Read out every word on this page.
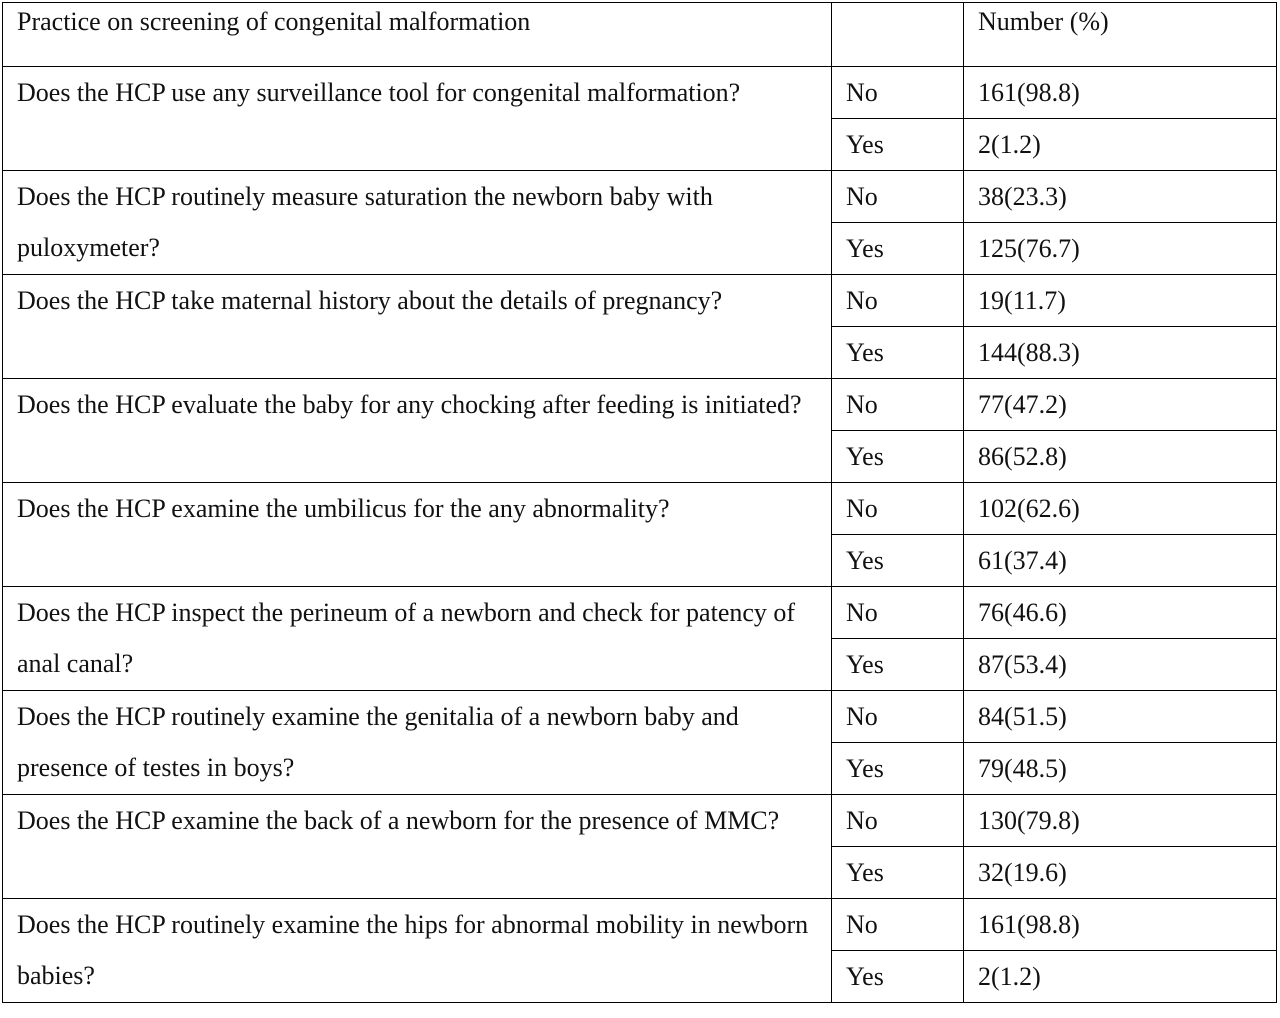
Practice on screening of congenital malformation		Number (%)
Does the HCP use any surveillance tool for congenital malformation?	No	161(98.8)
	Yes	2(1.2)
Does the HCP routinely measure saturation the newborn baby with puloxymeter?	No	38(23.3)
	Yes	125(76.7)
Does the HCP take maternal history about the details of pregnancy?	No	19(11.7)
	Yes	144(88.3)
Does the HCP evaluate the baby for any chocking after feeding is initiated?	No	77(47.2)
	Yes	86(52.8)
Does the HCP examine the umbilicus for the any abnormality?	No	102(62.6)
	Yes	61(37.4)
Does the HCP inspect the perineum of a newborn and check for patency of anal canal?	No	76(46.6)
	Yes	87(53.4)
Does the HCP routinely examine the genitalia of a newborn baby and presence of testes in boys?	No	84(51.5)
	Yes	79(48.5)
Does the HCP examine the back of a newborn for the presence of MMC?	No	130(79.8)
	Yes	32(19.6)
Does the HCP routinely examine the hips for abnormal mobility in newborn babies?	No	161(98.8)
	Yes	2(1.2)
